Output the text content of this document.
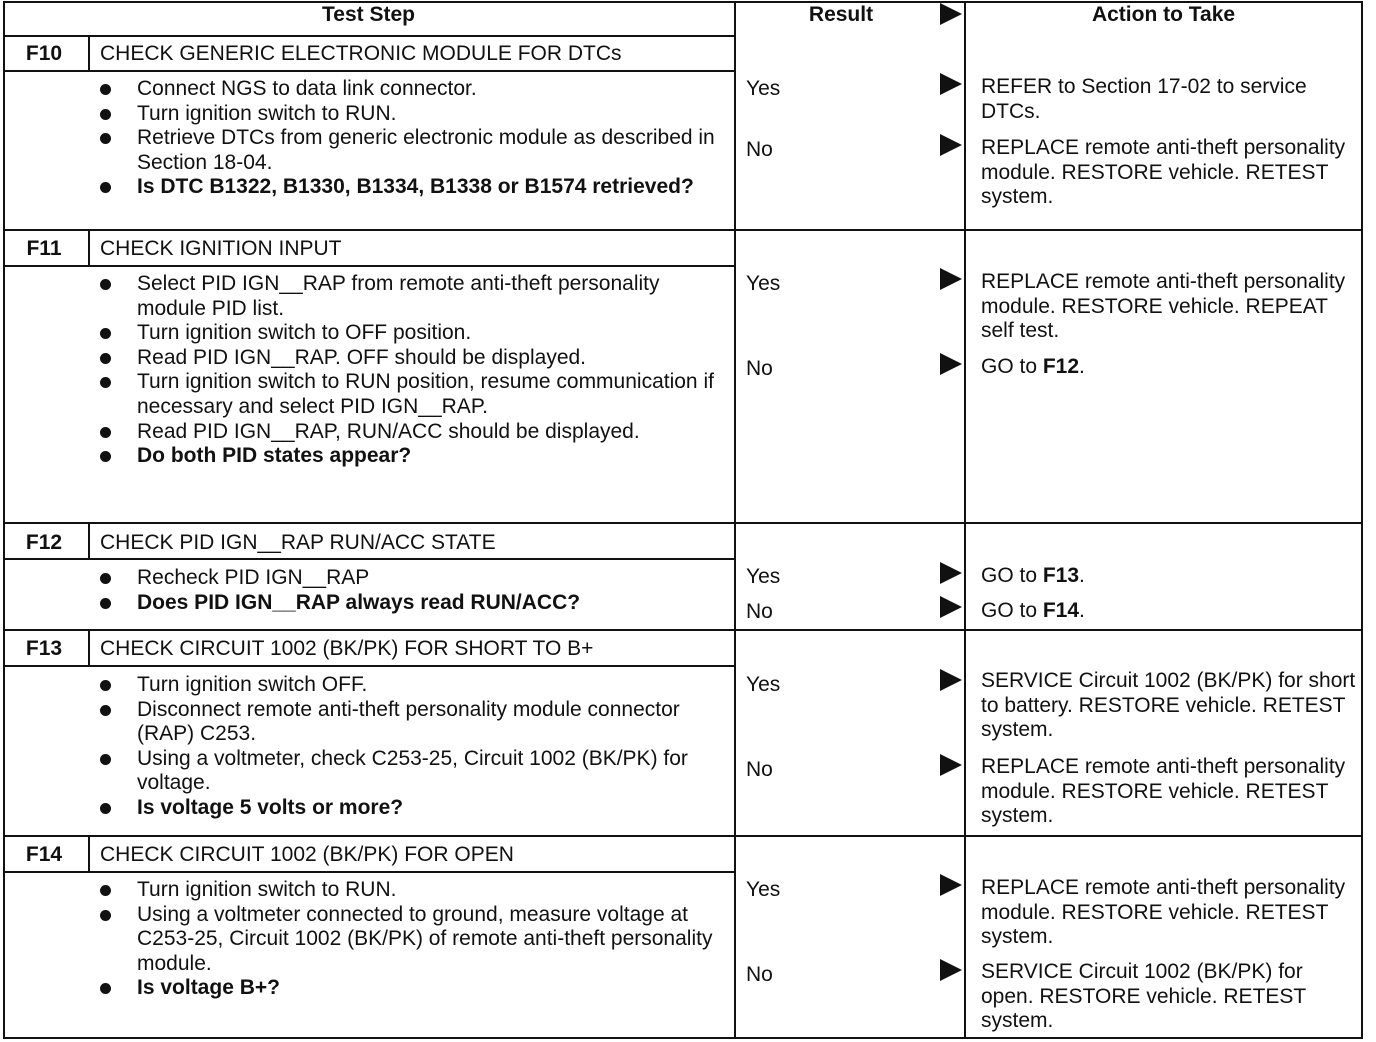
Test Step	Result	Action to Take
F10	CHECK GENERIC ELECTRONIC MODULE FOR DTCs
Connect NGS to data link connector.
Turn ignition switch to RUN.
Retrieve DTCs from generic electronic module as described in Section 18-04.
Is DTC B1322, B1330, B1334, B1338 or B1574 retrieved?
Yes	REFER to Section 17-02 to service DTCs.
No	REPLACE remote anti-theft personality module. RESTORE vehicle. RETEST system.
F11	CHECK IGNITION INPUT
Select PID IGN__RAP from remote anti-theft personality module PID list.
Turn ignition switch to OFF position.
Read PID IGN__RAP. OFF should be displayed.
Turn ignition switch to RUN position, resume communication if necessary and select PID IGN__RAP.
Read PID IGN__RAP, RUN/ACC should be displayed.
Do both PID states appear?
Yes	REPLACE remote anti-theft personality module. RESTORE vehicle. REPEAT self test.
No	GO to F12.
F12	CHECK PID IGN__RAP RUN/ACC STATE
Recheck PID IGN__RAP
Does PID IGN__RAP always read RUN/ACC?
Yes	GO to F13.
No	GO to F14.
F13	CHECK CIRCUIT 1002 (BK/PK) FOR SHORT TO B+
Turn ignition switch OFF.
Disconnect remote anti-theft personality module connector (RAP) C253.
Using a voltmeter, check C253-25, Circuit 1002 (BK/PK) for voltage.
Is voltage 5 volts or more?
Yes	SERVICE Circuit 1002 (BK/PK) for short to battery. RESTORE vehicle. RETEST system.
No	REPLACE remote anti-theft personality module. RESTORE vehicle. RETEST system.
F14	CHECK CIRCUIT 1002 (BK/PK) FOR OPEN
Turn ignition switch to RUN.
Using a voltmeter connected to ground, measure voltage at C253-25, Circuit 1002 (BK/PK) of remote anti-theft personality module.
Is voltage B+?
Yes	REPLACE remote anti-theft personality module. RESTORE vehicle. RETEST system.
No	SERVICE Circuit 1002 (BK/PK) for open. RESTORE vehicle. RETEST system.
